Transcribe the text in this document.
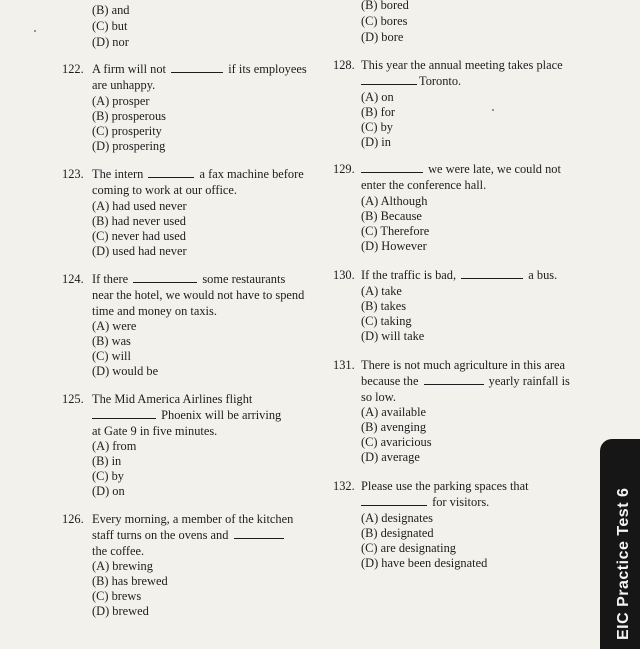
(B) and
(C) but
(D) nor
122. A firm will not	if its employees
are unhappy.
(A) prosper
(B) prosperous
(C) prosperity
(D) prospering
123. The intern	a fax machine before
coming to work at our office.
(A) had used never
(B) had never used
(C) never had used
(D) used had never
124. If there	some restaurants
near the hotel, we would not have to spend
time and money on taxis.
(A) were
(B) was
(C) will
(D) would be
125. The Mid America Airlines flight
Phoenix will be arriving
at Gate 9 in five minutes.
(A) from
(B) in
(C) by
(D) on
126. Every morning, a member of the kitchen
staff turns on the ovens and
the coffee.
(A) brewing
(B) has brewed
(C) brews
(D) brewed
(B) bored
(C) bores
(D) bore
128. This year the annual meeting takes place
Toronto.
(A) on
(B) for
(C) by
(D) in
129.	we were late, we could not
enter the conference hall.
(A) Although
(B) Because
(C) Therefore
(D) However
130. If the traffic is bad,	a bus.
(A) take
(B) takes
(C) taking
(D) will take
131. There is not much agriculture in this area
because the	yearly rainfall is
so low.
(A) available
(B) avenging
(C) avaricious
(D) average
132. Please use the parking spaces that
for visitors.
(A) designates
(B) designated
(C) are designating
(D) have been designated	EIC Practice Test 6
